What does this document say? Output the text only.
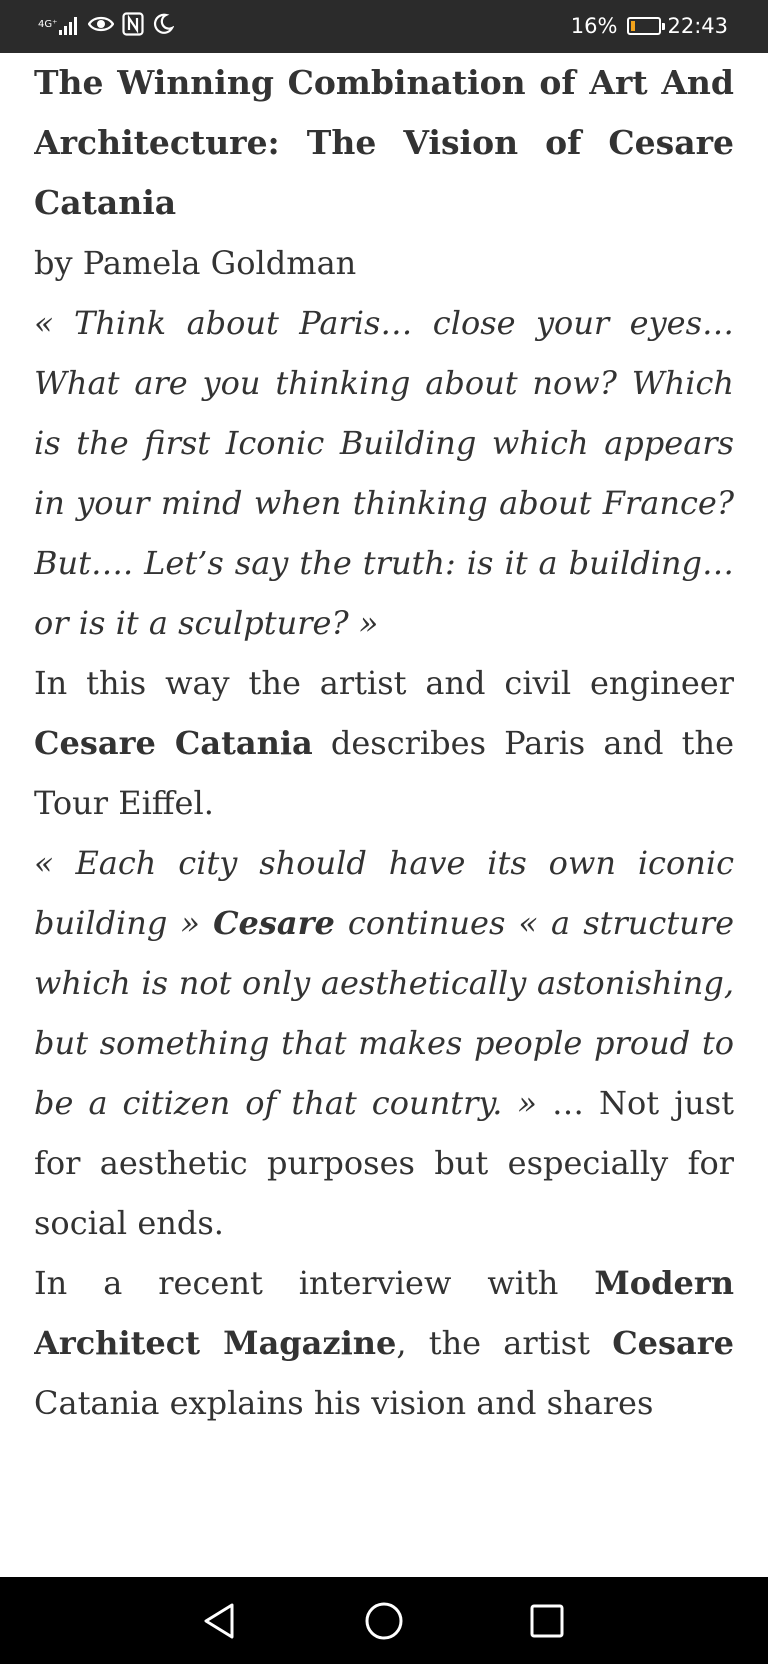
4G⁺	16% 22:43

The Winning Combination of Art And Architecture: The Vision of Cesare Catania

by Pamela Goldman

« Think about Paris… close your eyes… What are you thinking about now? Which is the first Iconic Building which appears in your mind when thinking about France? But…. Let’s say the truth: is it a building… or is it a sculpture? »

In this way the artist and civil engineer Cesare Catania describes Paris and the Tour Eiffel.

« Each city should have its own iconic building » Cesare continues « a structure which is not only aesthetically astonishing, but something that makes people proud to be a citizen of that country. » … Not just for aesthetic purposes but especially for social ends.

In a recent interview with Modern Architect Magazine, the artist Cesare Catania explains his vision and shares
